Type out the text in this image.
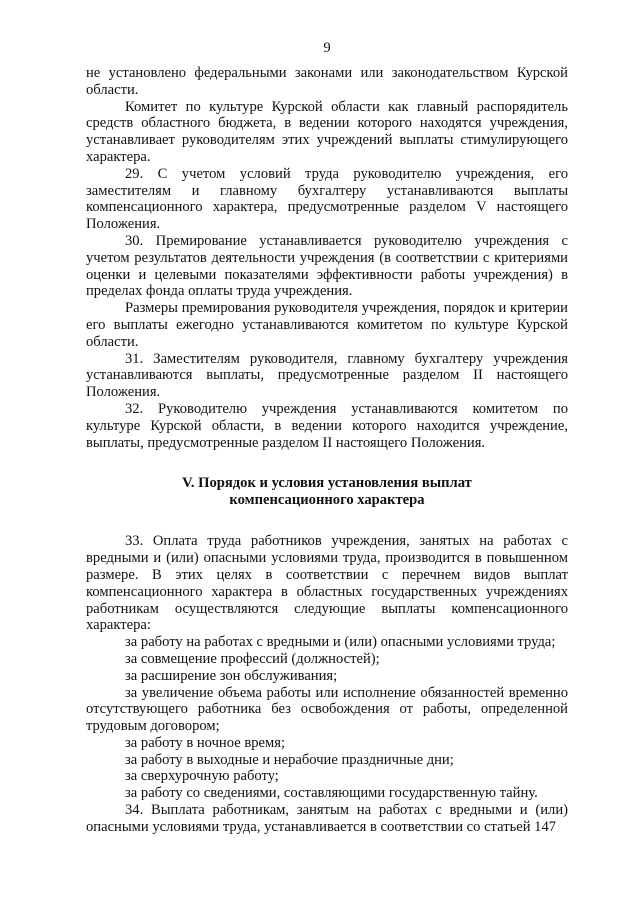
9

не установлено федеральными законами или законодательством Курской области.

Комитет по культуре Курской области как главный распорядитель средств областного бюджета, в ведении которого находятся учреждения, устанавливает руководителям этих учреждений выплаты стимулирующего характера.

29. С учетом условий труда руководителю учреждения, его заместителям и главному бухгалтеру устанавливаются выплаты компенсационного характера, предусмотренные разделом V настоящего Положения.

30. Премирование устанавливается руководителю учреждения с учетом результатов деятельности учреждения (в соответствии с критериями оценки и целевыми показателями эффективности работы учреждения) в пределах фонда оплаты труда учреждения.

Размеры премирования руководителя учреждения, порядок и критерии его выплаты ежегодно устанавливаются комитетом по культуре Курской области.

31. Заместителям руководителя, главному бухгалтеру учреждения устанавливаются выплаты, предусмотренные разделом II настоящего Положения.

32. Руководителю учреждения устанавливаются комитетом по культуре Курской области, в ведении которого находится учреждение, выплаты, предусмотренные разделом II настоящего Положения.

V. Порядок и условия установления выплат
компенсационного характера

33. Оплата труда работников учреждения, занятых на работах с вредными и (или) опасными условиями труда, производится в повышенном размере. В этих целях в соответствии с перечнем видов выплат компенсационного характера в областных государственных учреждениях работникам осуществляются следующие выплаты компенсационного характера:

за работу на работах с вредными и (или) опасными условиями труда;

за совмещение профессий (должностей);

за расширение зон обслуживания;

за увеличение объема работы или исполнение обязанностей временно отсутствующего работника без освобождения от работы, определенной трудовым договором;

за работу в ночное время;

за работу в выходные и нерабочие праздничные дни;

за сверхурочную работу;

за работу со сведениями, составляющими государственную тайну.

34. Выплата работникам, занятым на работах с вредными и (или) опасными условиями труда, устанавливается в соответствии со статьей 147
